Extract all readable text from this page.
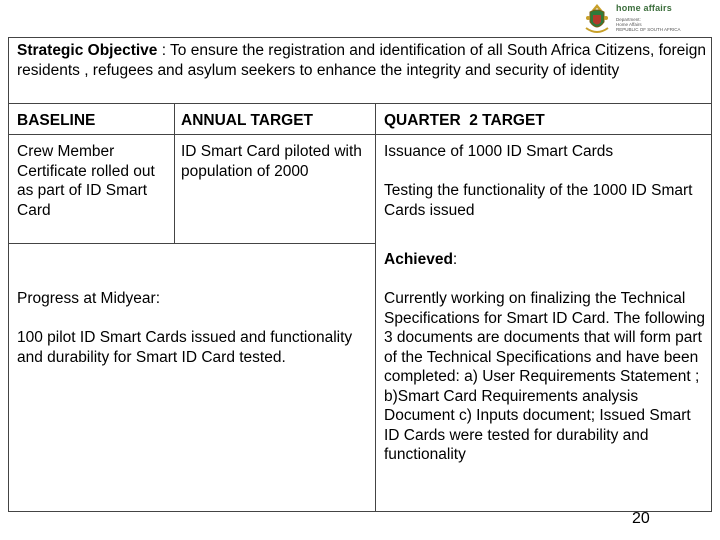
home affairs
Department:
Home Affairs
REPUBLIC OF SOUTH AFRICA
Strategic Objective : To ensure the registration and identification of all South Africa Citizens, foreign residents , refugees and asylum seekers to enhance the integrity and security of identity
BASELINE	ANNUAL TARGET	QUARTER  2 TARGET
Crew Member Certificate rolled out as part of ID Smart Card
ID Smart Card piloted with population of 2000
Issuance of 1000 ID Smart Cards
Testing the functionality of the 1000 ID Smart Cards issued
Progress at Midyear:
100 pilot ID Smart Cards issued and functionality and durability for Smart ID Card tested.
Achieved:
Currently working on finalizing the Technical Specifications for Smart ID Card. The following 3 documents are documents that will form part of the Technical Specifications and have been completed: a) User Requirements Statement ; b)Smart Card Requirements analysis Document c) Inputs document; Issued Smart ID Cards were tested for durability and functionality
20
